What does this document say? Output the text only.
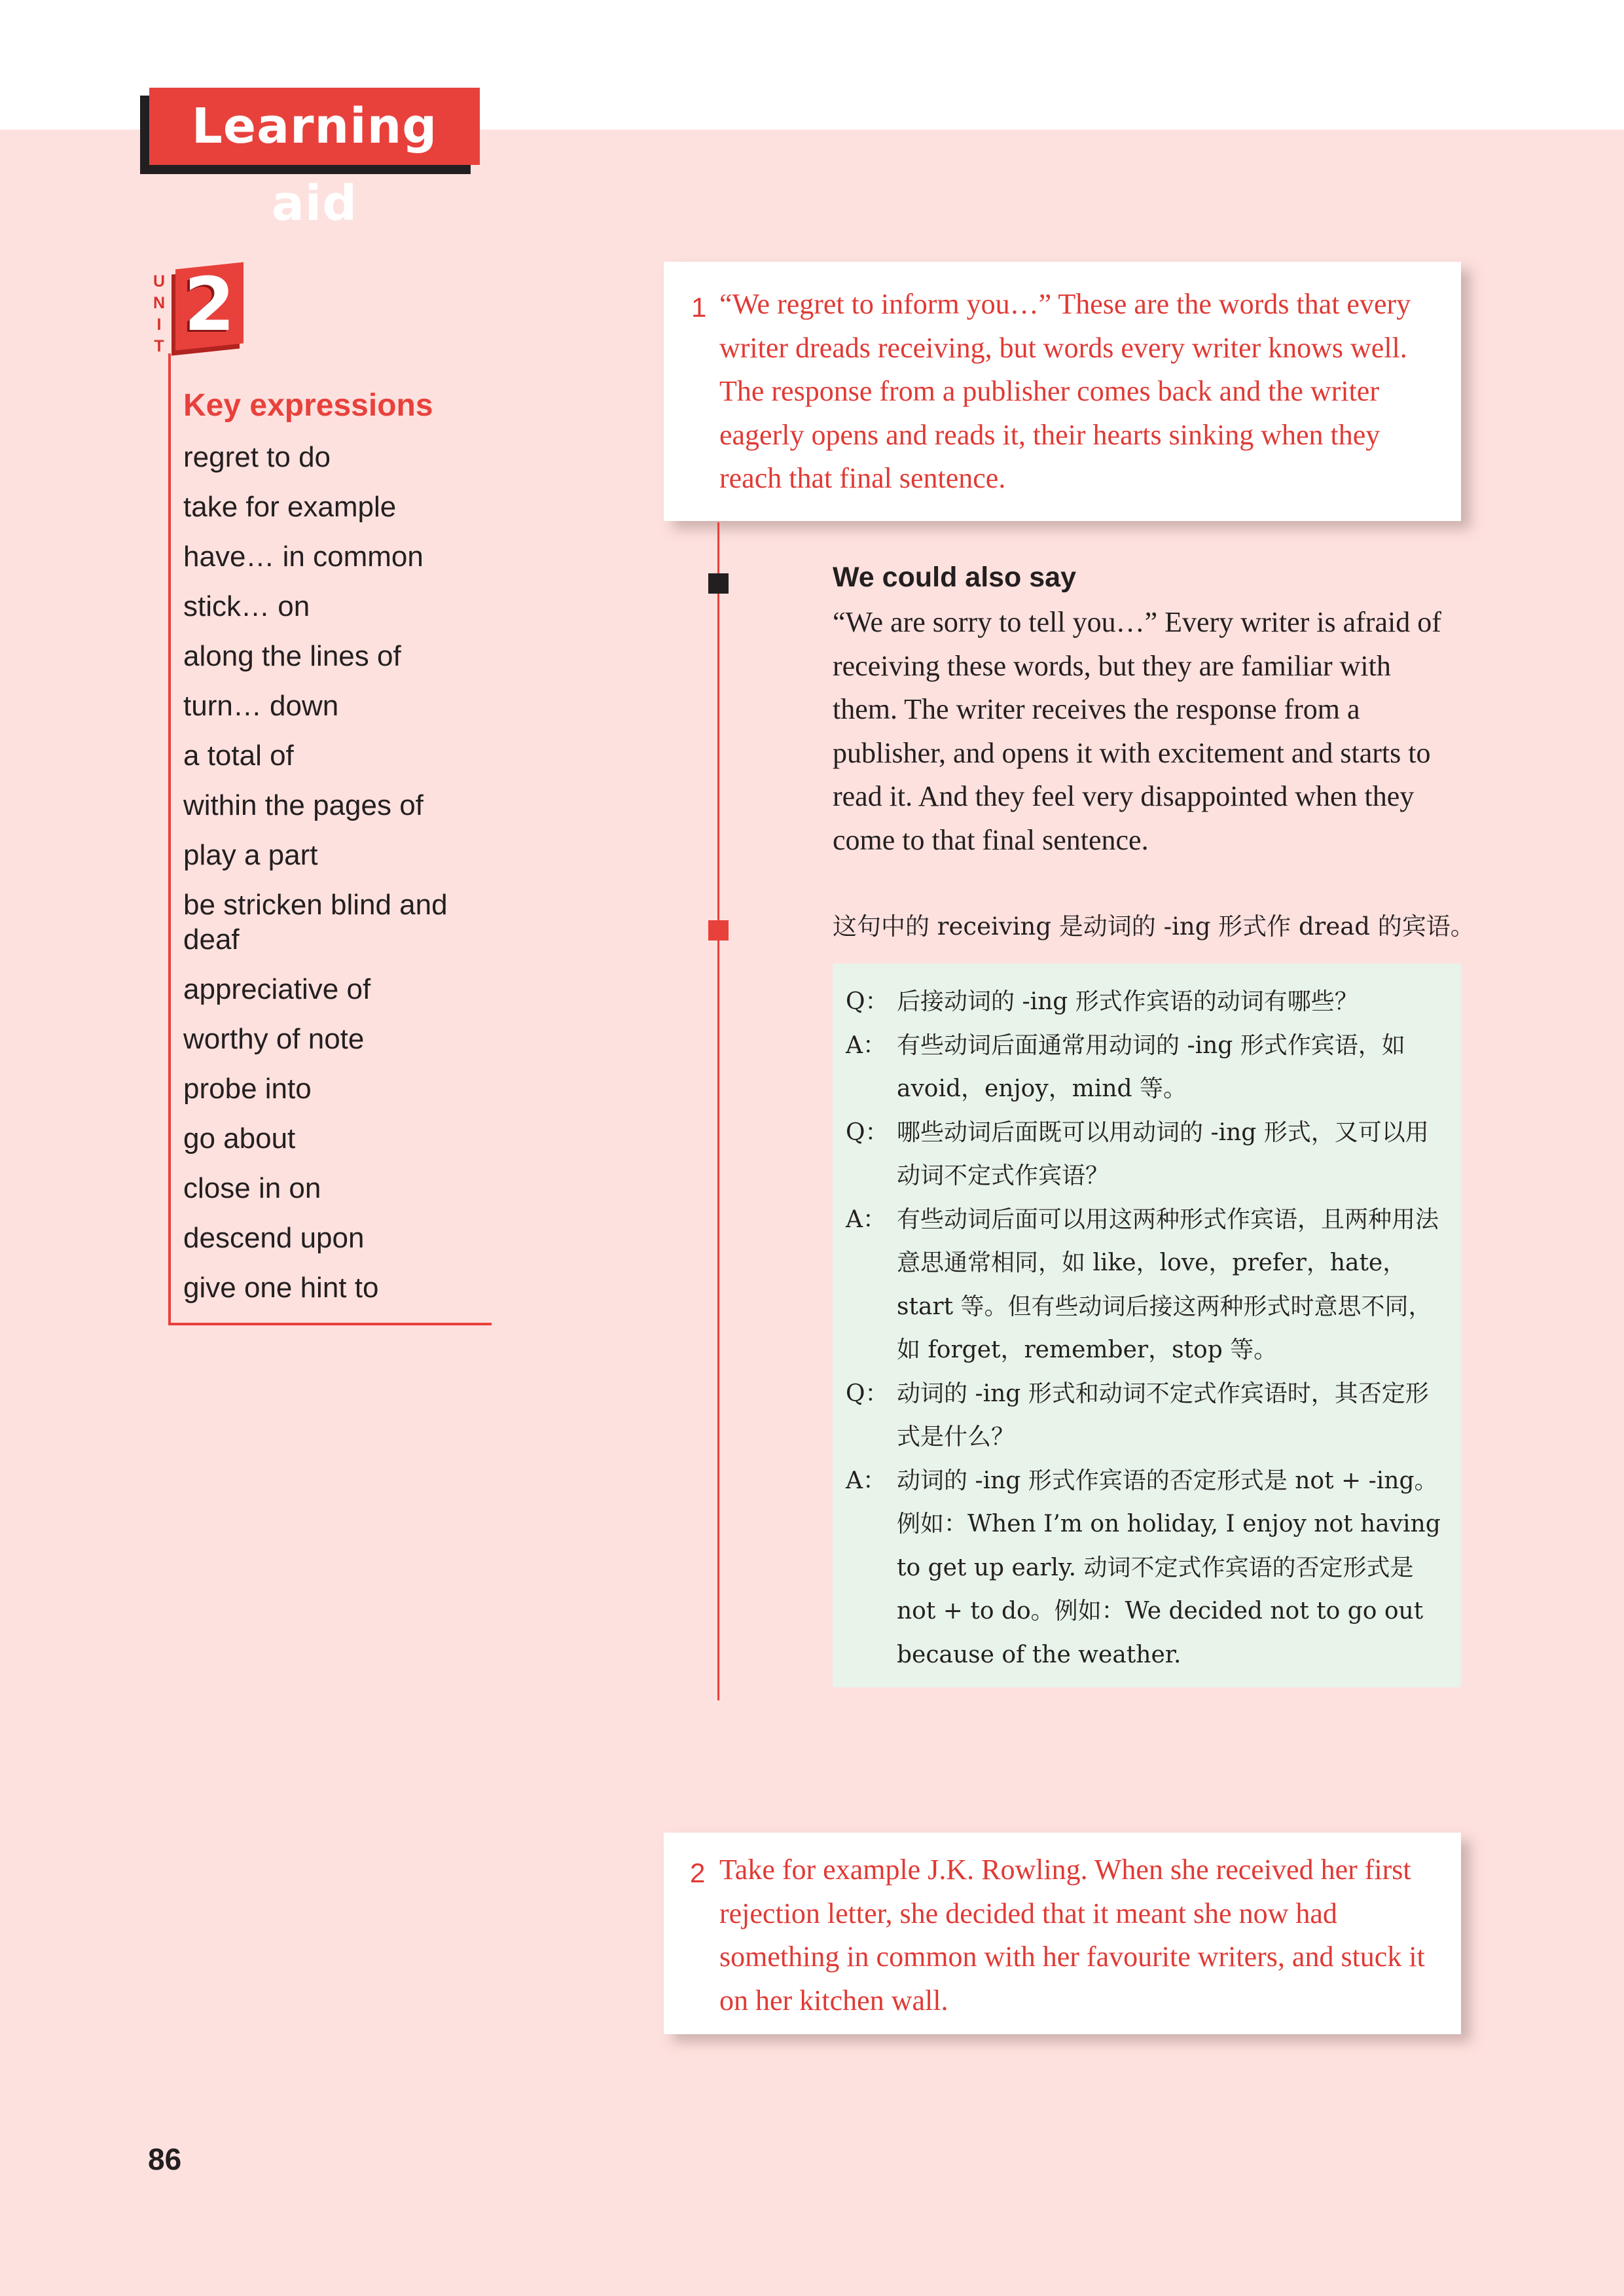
Learning aid
U
N
I
T 2
Key expressions
regret to do
take for example
have… in common
stick… on
along the lines of
turn… down
a total of
within the pages of
play a part
be stricken blind and deaf
appreciative of
worthy of note
probe into
go about
close in on
descend upon
give one hint to
1 “We regret to inform you…” These are the words that every writer dreads receiving, but words every writer knows well. The response from a publisher comes back and the writer eagerly opens and reads it, their hearts sinking when they reach that final sentence.

We could also say

“We are sorry to tell you…” Every writer is afraid of receiving these words, but they are familiar with them. The writer receives the response from a publisher, and opens it with excitement and starts to read it. And they feel very disappointed when they come to that final sentence.

这句中的 receiving 是动词的 -ing 形式作 dread 的宾语。

Q： 后接动词的 -ing 形式作宾语的动词有哪些？
A： 有些动词后面通常用动词的 -ing 形式作宾语，如 avoid，enjoy，mind 等。
Q： 哪些动词后面既可以用动词的 -ing 形式，又可以用动词不定式作宾语？
A： 有些动词后面可以用这两种形式作宾语，且两种用法意思通常相同，如 like，love，prefer，hate，start 等。但有些动词后接这两种形式时意思不同，如 forget，remember，stop 等。
Q： 动词的 -ing 形式和动词不定式作宾语时，其否定形式是什么？
A： 动词的 -ing 形式作宾语的否定形式是 not + -ing。例如：When I’m on holiday, I enjoy not having to get up early. 动词不定式作宾语的否定形式是 not + to do。例如：We decided not to go out because of the weather.
2 Take for example J.K. Rowling. When she received her first rejection letter, she decided that it meant she now had something in common with her favourite writers, and stuck it on her kitchen wall.

86
